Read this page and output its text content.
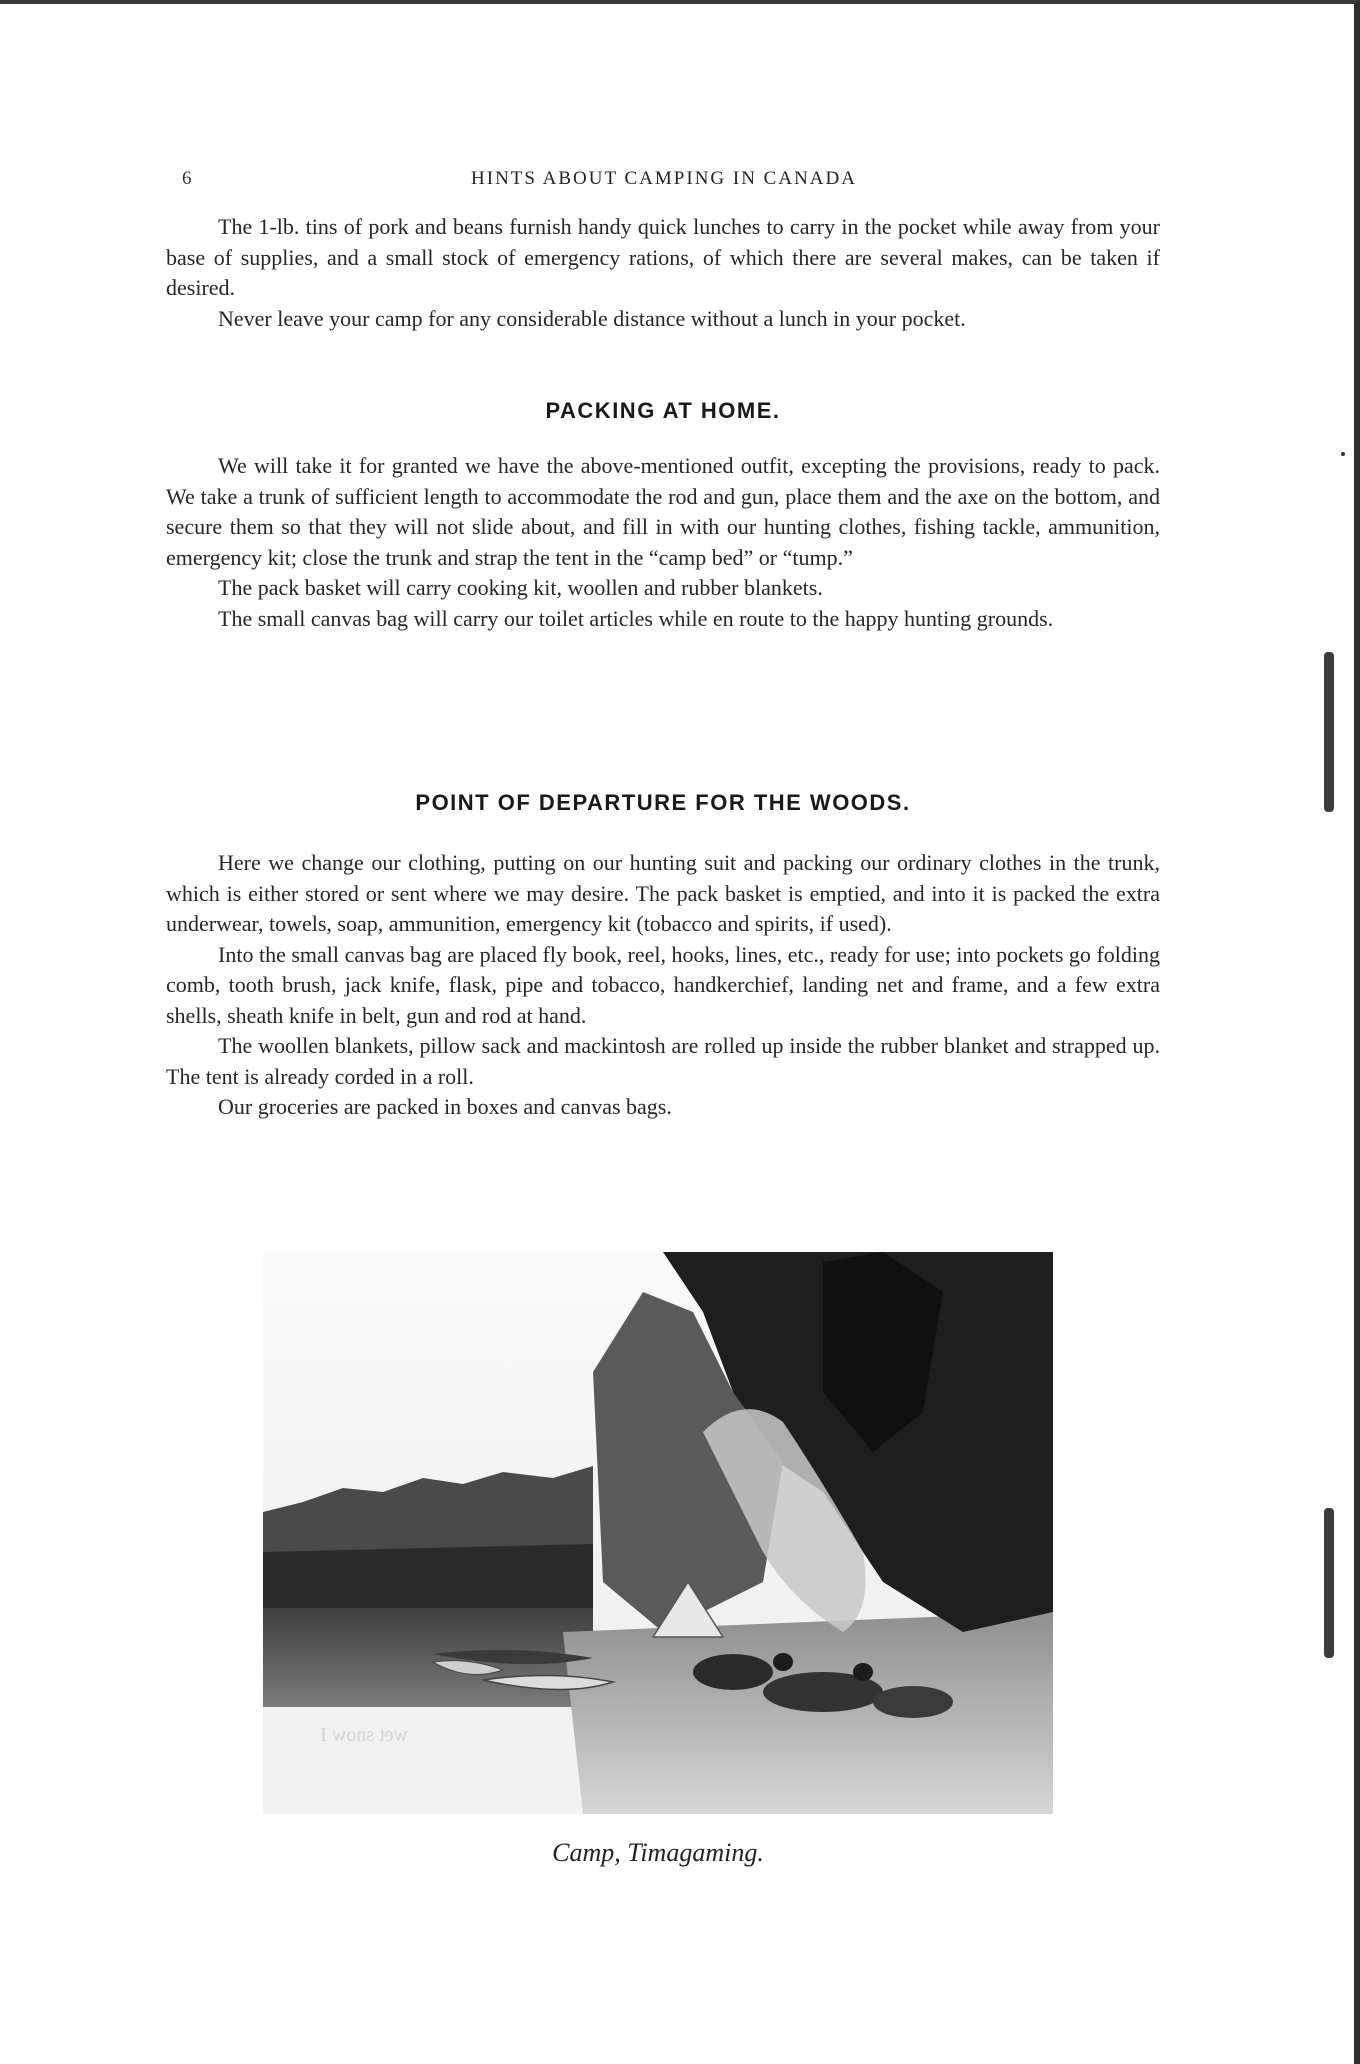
6	HINTS ABOUT CAMPING IN CANADA

The 1-lb. tins of pork and beans furnish handy quick lunches to carry in the pocket while away from your base of supplies, and a small stock of emergency rations, of which there are several makes, can be taken if desired.

Never leave your camp for any considerable distance without a lunch in your pocket.

PACKING AT HOME.

We will take it for granted we have the above-mentioned outfit, excepting the provisions, ready to pack. We take a trunk of sufficient length to accommodate the rod and gun, place them and the axe on the bottom, and secure them so that they will not slide about, and fill in with our hunting clothes, fishing tackle, ammunition, emergency kit; close the trunk and strap the tent in the “camp bed” or “tump.”

The pack basket will carry cooking kit, woollen and rubber blankets.

The small canvas bag will carry our toilet articles while en route to the happy hunting grounds.

POINT OF DEPARTURE FOR THE WOODS.

Here we change our clothing, putting on our hunting suit and packing our ordinary clothes in the trunk, which is either stored or sent where we may desire. The pack basket is emptied, and into it is packed the extra underwear, towels, soap, ammunition, emergency kit (tobacco and spirits, if used).

Into the small canvas bag are placed fly book, reel, hooks, lines, etc., ready for use; into pockets go folding comb, tooth brush, jack knife, flask, pipe and tobacco, handkerchief, landing net and frame, and a few extra shells, sheath knife in belt, gun and rod at hand.

The woollen blankets, pillow sack and mackintosh are rolled up inside the rubber blanket and strapped up. The tent is already corded in a roll.

Our groceries are packed in boxes and canvas bags.

wet snow I
Camp, Timagaming.
